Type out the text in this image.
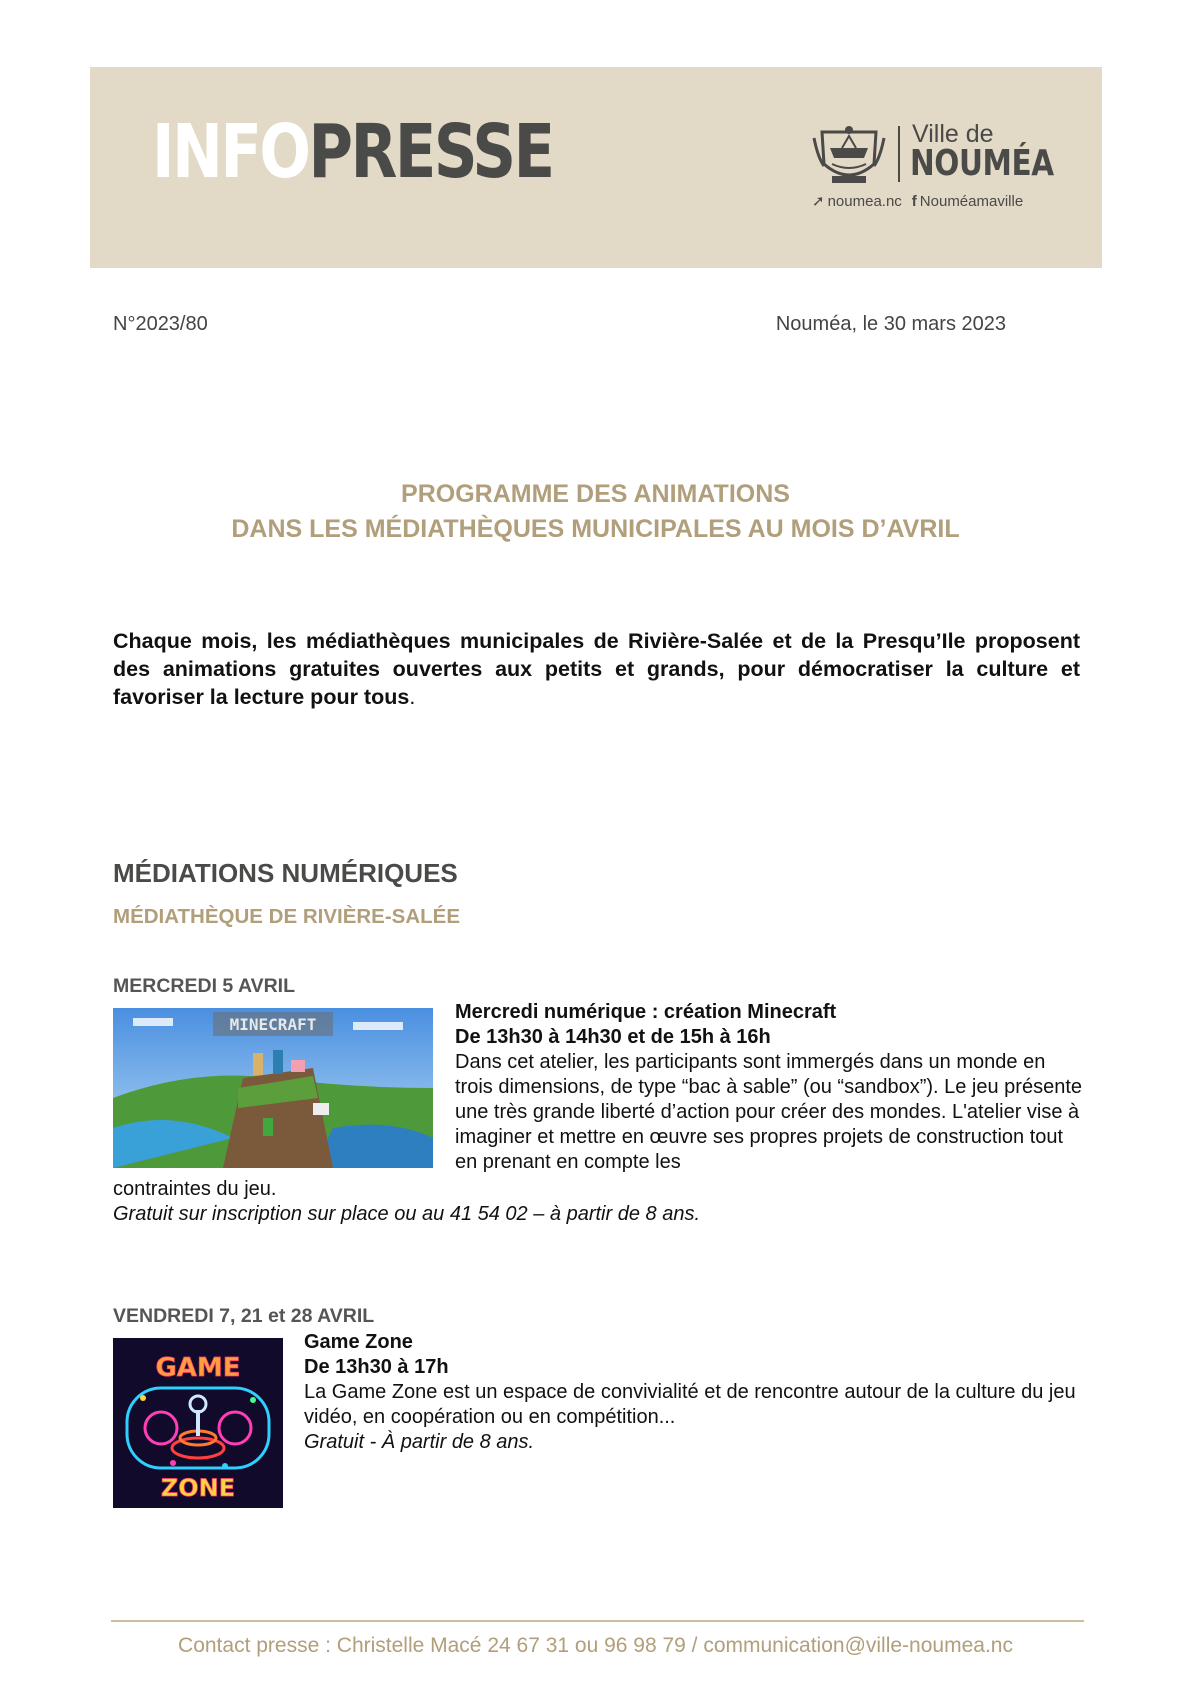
INFOPRESSE	Ville de
NOUMÉA
➚ noumea.nc f Nouméamaville
N°2023/80	Nouméa, le 30 mars 2023
PROGRAMME DES ANIMATIONS
DANS LES MÉDIATHÈQUES MUNICIPALES AU MOIS D’AVRIL

Chaque mois, les médiathèques municipales de Rivière-Salée et de la Presqu’Ile proposent des animations gratuites ouvertes aux petits et grands, pour démocratiser la culture et favoriser la lecture pour tous.

MÉDIATIONS NUMÉRIQUES
MÉDIATHÈQUE DE RIVIÈRE-SALÉE
MERCREDI 5 AVRIL
MINECRAFT
Mercredi numérique : création Minecraft
De 13h30 à 14h30 et de 15h à 16h
Dans cet atelier, les participants sont immergés dans un monde en trois dimensions, de type “bac à sable” (ou “sandbox”). Le jeu présente une très grande liberté d’action pour créer des mondes. L'atelier vise à imaginer et mettre en œuvre ses propres projets de construction tout en prenant en compte les
contraintes du jeu.
Gratuit sur inscription sur place ou au 41 54 02 – à partir de 8 ans.
VENDREDI 7, 21 et 28 AVRIL
GAME
ZONE
Game Zone
De 13h30 à 17h
La Game Zone est un espace de convivialité et de rencontre autour de la culture du jeu vidéo, en coopération ou en compétition...
Gratuit - À partir de 8 ans.
Contact presse : Christelle Macé 24 67 31 ou 96 98 79 / communication@ville-noumea.nc
